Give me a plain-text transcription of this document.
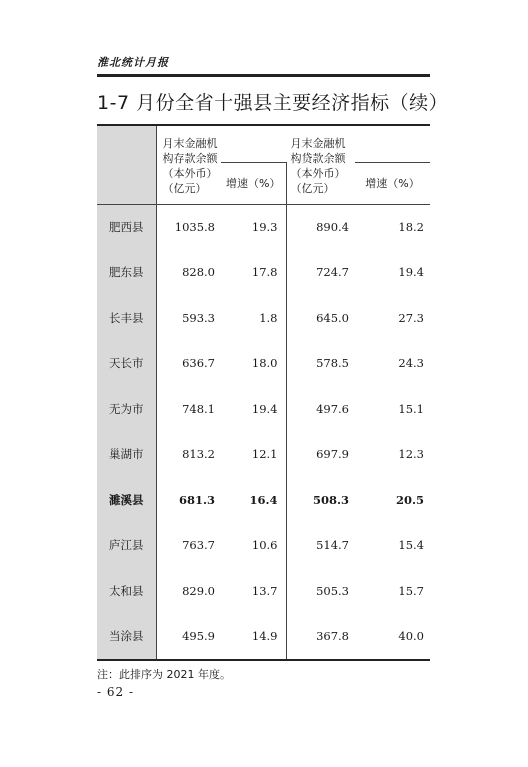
淮北统计月报
1-7 月份全省十强县主要经济指标（续）
	月末金融机构存款余额（本外币）（亿元）		月末金融机构贷款余额（本外币）（亿元）	
		增速（%）		增速（%）
肥西县	1035.8	19.3	890.4	18.2
肥东县	828.0	17.8	724.7	19.4
长丰县	593.3	1.8	645.0	27.3
天长市	636.7	18.0	578.5	24.3
无为市	748.1	19.4	497.6	15.1
巢湖市	813.2	12.1	697.9	12.3
濉溪县	681.3	16.4	508.3	20.5
庐江县	763.7	10.6	514.7	15.4
太和县	829.0	13.7	505.3	15.7
当涂县	495.9	14.9	367.8	40.0
注：此排序为 2021 年度。
- 62 -
